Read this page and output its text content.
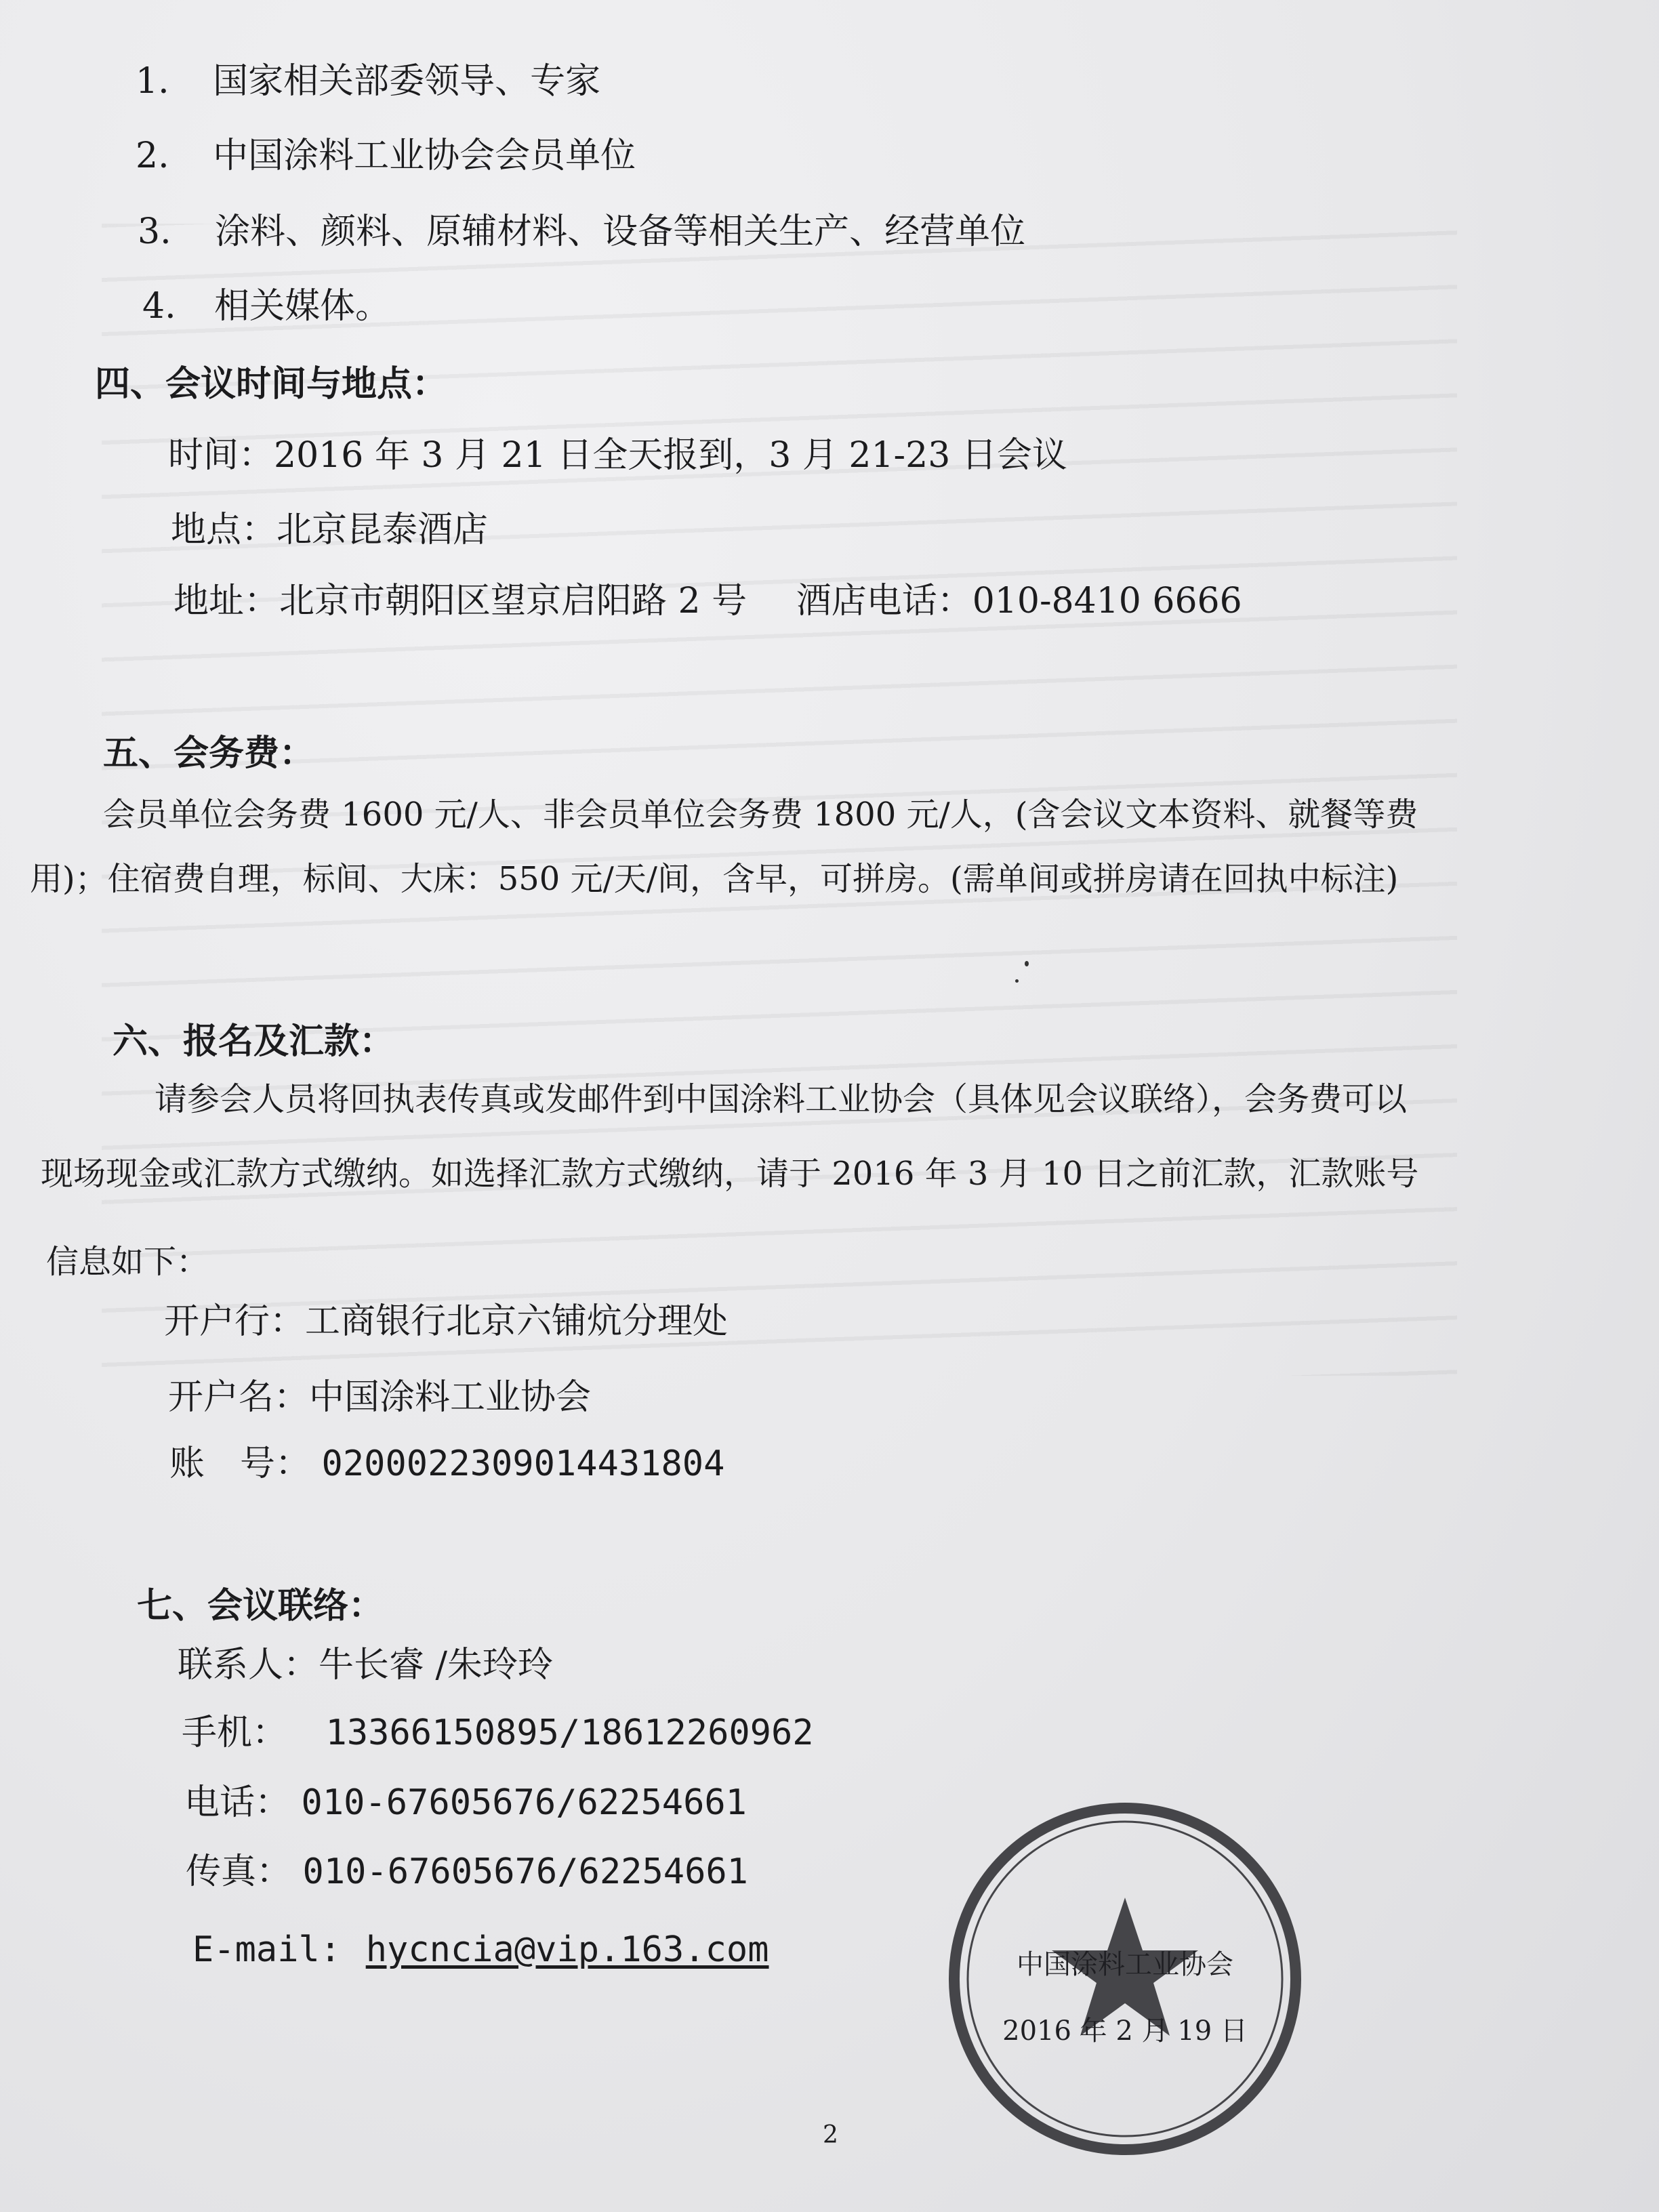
1. 国家相关部委领导、专家
2. 中国涂料工业协会会员单位
3. 涂料、颜料、原辅材料、设备等相关生产、经营单位
4. 相关媒体。
四、会议时间与地点：
时间：2016 年 3 月 21 日全天报到，3 月 21-23 日会议
地点：北京昆泰酒店
地址：北京市朝阳区望京启阳路 2 号 酒店电话：010-8410 6666
五、会务费：
会员单位会务费 1600 元/人、非会员单位会务费 1800 元/人，(含会议文本资料、就餐等费
用)；住宿费自理，标间、大床：550 元/天/间，含早，可拼房。(需单间或拼房请在回执中标注)
六、报名及汇款：
请参会人员将回执表传真或发邮件到中国涂料工业协会（具体见会议联络），会务费可以
现场现金或汇款方式缴纳。如选择汇款方式缴纳，请于 2016 年 3 月 10 日之前汇款，汇款账号
信息如下：
开户行：工商银行北京六铺炕分理处
开户名：中国涂料工业协会
账　号： 0200022309014431804
七、会议联络：
联系人：牛长睿 /朱玲玲
手机： 13366150895/18612260962
电话： 010-67605676/62254661
传真： 010-67605676/62254661
E-mail: hycncia@vip.163.com	中国涂料工业协会
2016 年 2 月 19 日
2
